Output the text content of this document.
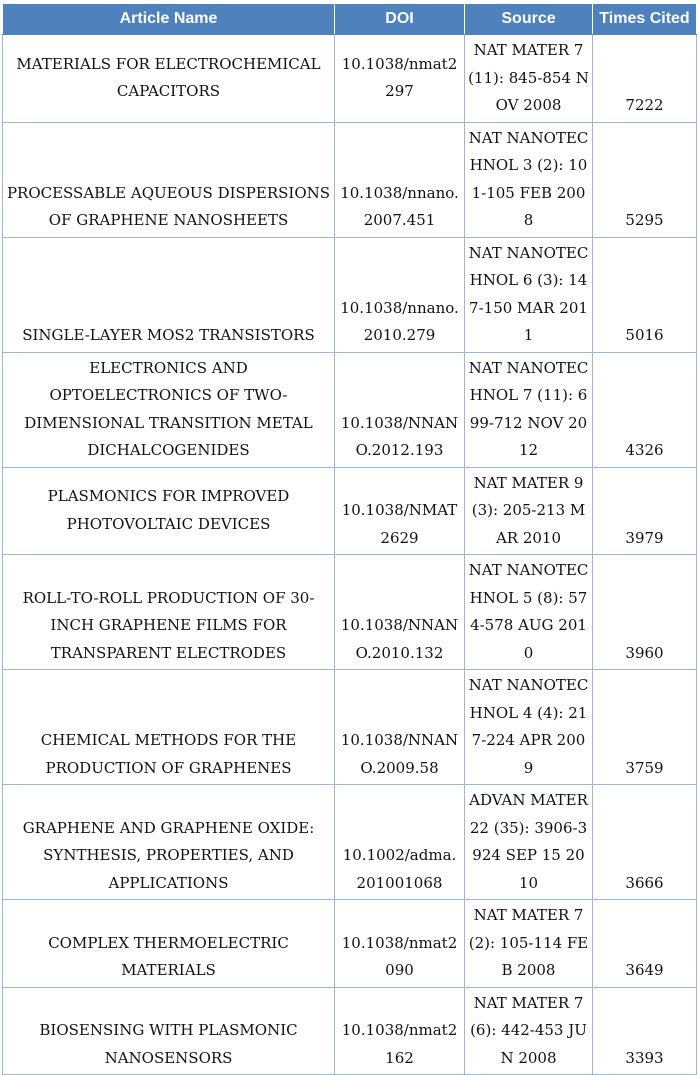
Article Name	DOI	Source	Times Cited
MATERIALS FOR ELECTROCHEMICAL CAPACITORS	10.1038/nmat2297	NAT MATER 7 (11): 845-854 NOV 2008	7222
PROCESSABLE AQUEOUS DISPERSIONS OF GRAPHENE NANOSHEETS	10.1038/nnano.2007.451	NAT NANOTECHNOL 3 (2): 101-105 FEB 2008	5295
SINGLE-LAYER MOS2 TRANSISTORS	10.1038/nnano.2010.279	NAT NANOTECHNOL 6 (3): 147-150 MAR 2011	5016
ELECTRONICS AND OPTOELECTRONICS OF TWO-DIMENSIONAL TRANSITION METAL DICHALCOGENIDES	10.1038/NNANO.2012.193	NAT NANOTECHNOL 7 (11): 699-712 NOV 2012	4326
PLASMONICS FOR IMPROVED PHOTOVOLTAIC DEVICES	10.1038/NMAT2629	NAT MATER 9 (3): 205-213 MAR 2010	3979
ROLL-TO-ROLL PRODUCTION OF 30-INCH GRAPHENE FILMS FOR TRANSPARENT ELECTRODES	10.1038/NNANO.2010.132	NAT NANOTECHNOL 5 (8): 574-578 AUG 2010	3960
CHEMICAL METHODS FOR THE PRODUCTION OF GRAPHENES	10.1038/NNANO.2009.58	NAT NANOTECHNOL 4 (4): 217-224 APR 2009	3759
GRAPHENE AND GRAPHENE OXIDE: SYNTHESIS, PROPERTIES, AND APPLICATIONS	10.1002/adma.201001068	ADVAN MATER 22 (35): 3906-3924 SEP 15 2010	3666
COMPLEX THERMOELECTRIC MATERIALS	10.1038/nmat2090	NAT MATER 7 (2): 105-114 FEB 2008	3649
BIOSENSING WITH PLASMONIC NANOSENSORS	10.1038/nmat2162	NAT MATER 7 (6): 442-453 JUN 2008	3393
